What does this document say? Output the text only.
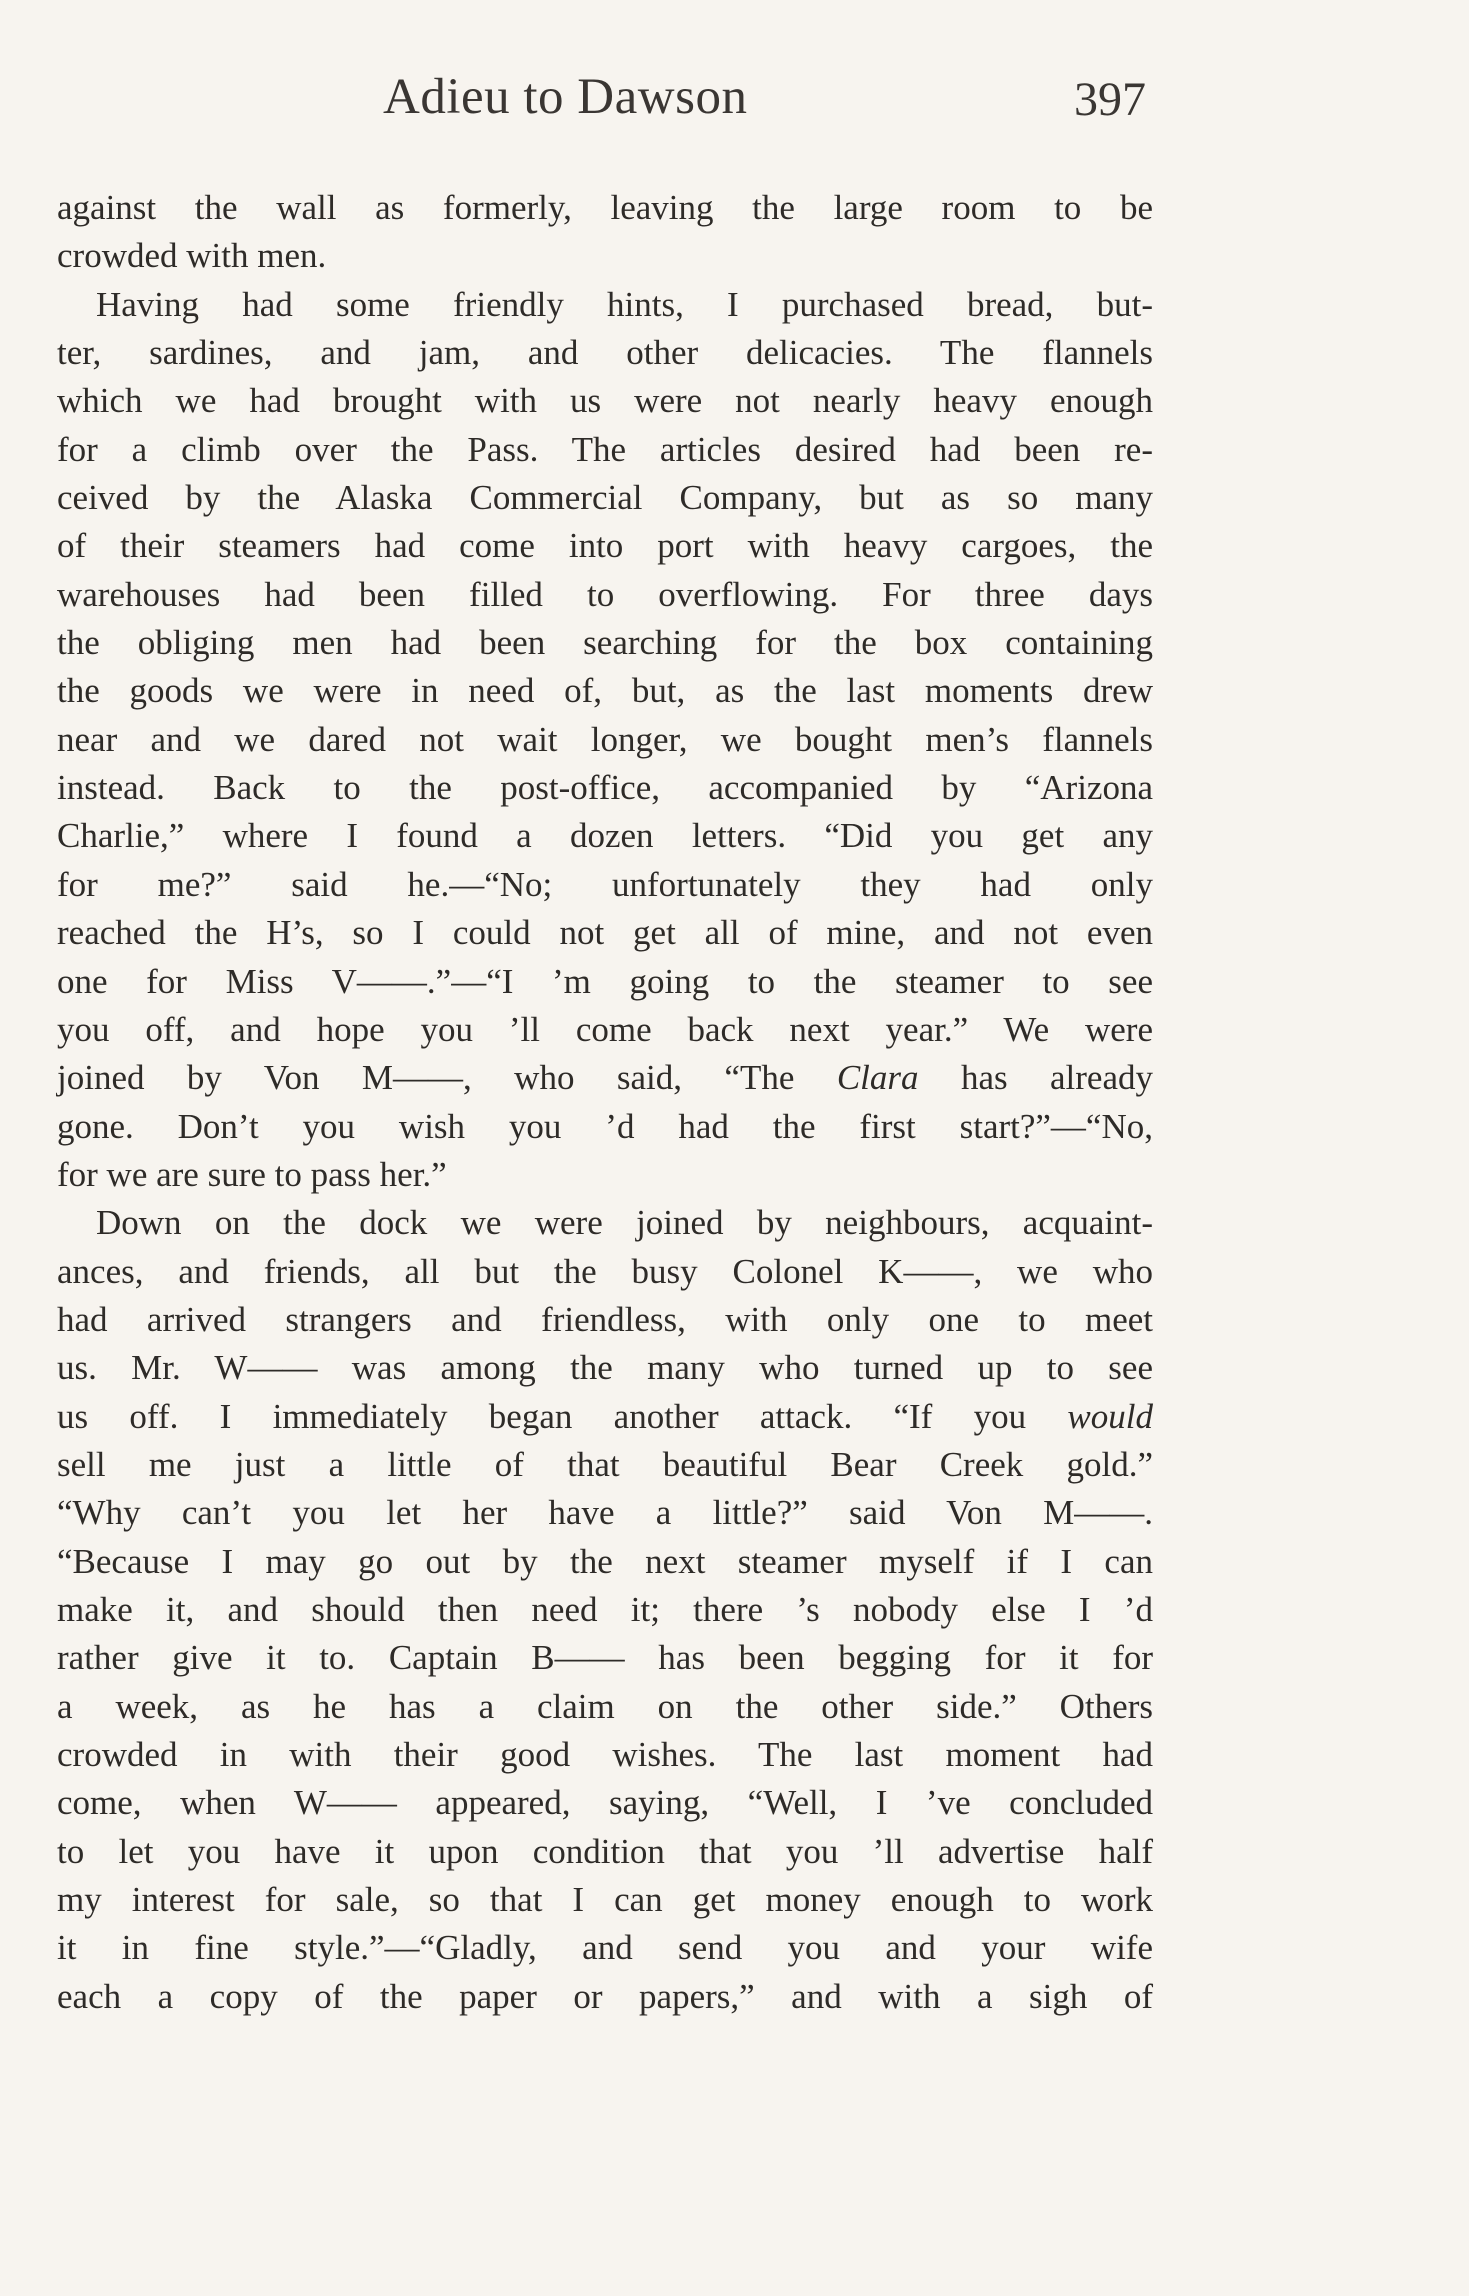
Adieu to Dawson	397
against the wall as formerly, leaving the large room to be
crowded with men.
Having had some friendly hints, I purchased bread, but-
ter, sardines, and jam, and other delicacies. The flannels
which we had brought with us were not nearly heavy enough
for a climb over the Pass. The articles desired had been re-
ceived by the Alaska Commercial Company, but as so many
of their steamers had come into port with heavy cargoes, the
warehouses had been filled to overflowing. For three days
the obliging men had been searching for the box containing
the goods we were in need of, but, as the last moments drew
near and we dared not wait longer, we bought men’s flannels
instead. Back to the post-office, accompanied by “Arizona
Charlie,” where I found a dozen letters. “Did you get any
for me?” said he.—“No; unfortunately they had only
reached the H’s, so I could not get all of mine, and not even
one for Miss V——.”—“I ’m going to the steamer to see
you off, and hope you ’ll come back next year.” We were
joined by Von M——, who said, “The Clara has already
gone. Don’t you wish you ’d had the first start?”—“No,
for we are sure to pass her.”
Down on the dock we were joined by neighbours, acquaint-
ances, and friends, all but the busy Colonel K——, we who
had arrived strangers and friendless, with only one to meet
us. Mr. W—— was among the many who turned up to see
us off. I immediately began another attack. “If you would
sell me just a little of that beautiful Bear Creek gold.”
“Why can’t you let her have a little?” said Von M——.
“Because I may go out by the next steamer myself if I can
make it, and should then need it; there ’s nobody else I ’d
rather give it to. Captain B—— has been begging for it for
a week, as he has a claim on the other side.” Others
crowded in with their good wishes. The last moment had
come, when W—— appeared, saying, “Well, I ’ve concluded
to let you have it upon condition that you ’ll advertise half
my interest for sale, so that I can get money enough to work
it in fine style.”—“Gladly, and send you and your wife
each a copy of the paper or papers,” and with a sigh of
